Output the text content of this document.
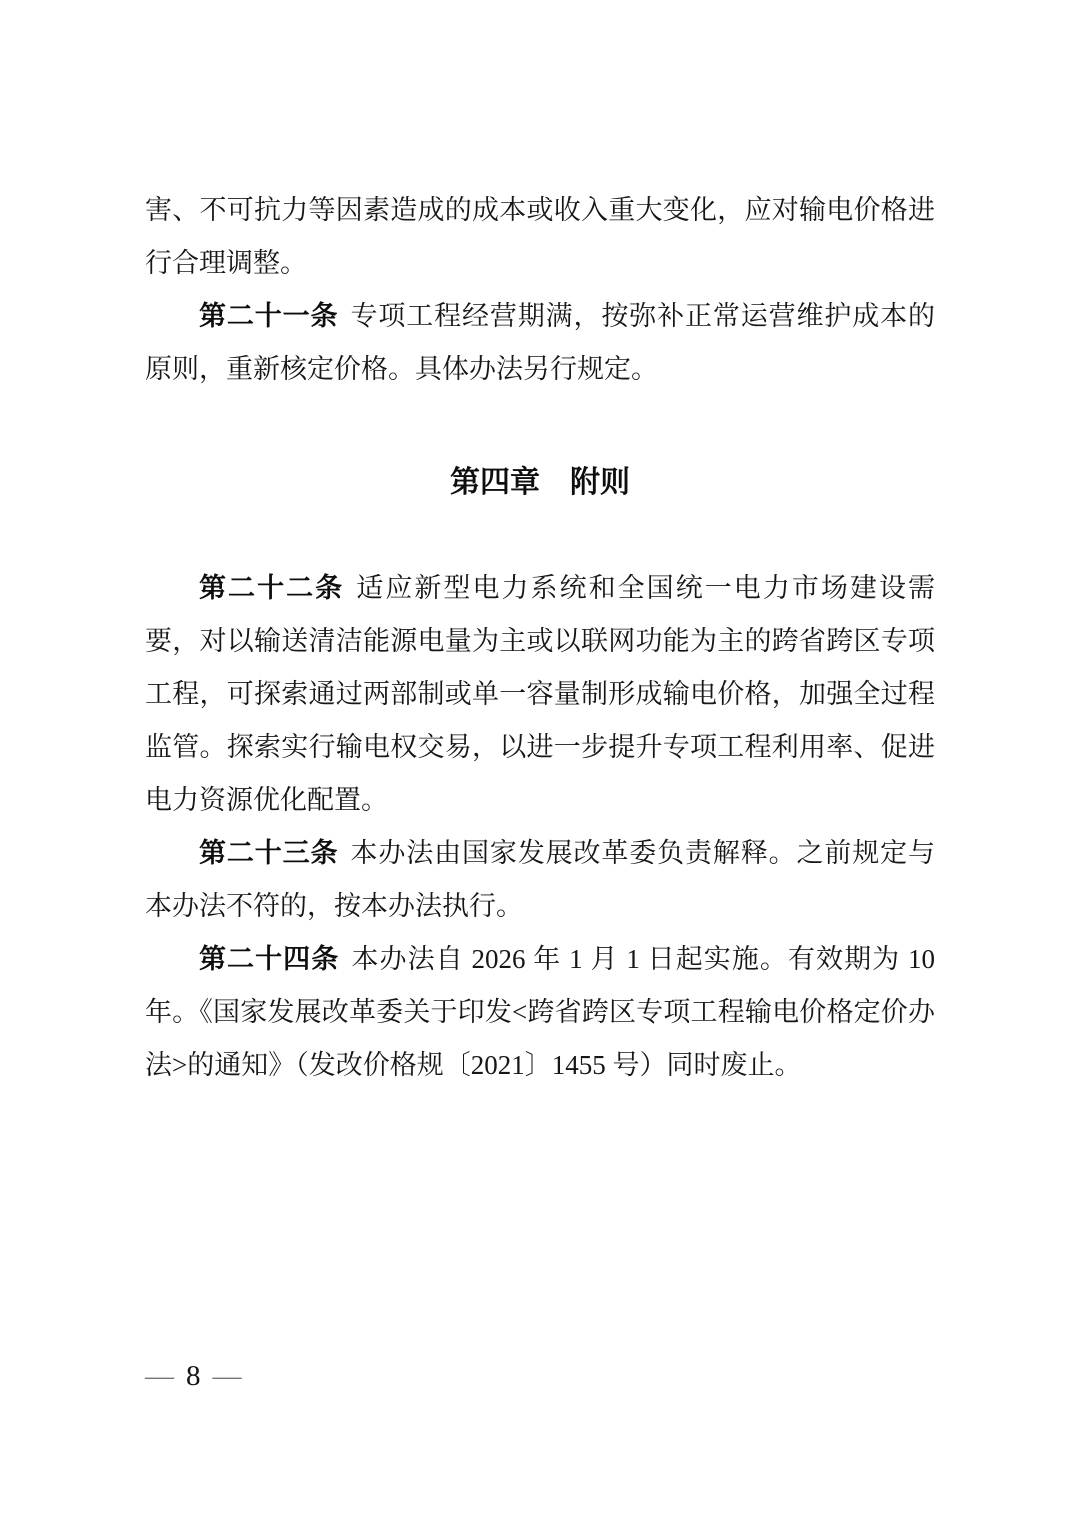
害、不可抗力等因素造成的成本或收入重大变化，应对输电价格进行合理调整。

第二十一条 专项工程经营期满，按弥补正常运营维护成本的原则，重新核定价格。具体办法另行规定。

第四章　附则

第二十二条 适应新型电力系统和全国统一电力市场建设需要，对以输送清洁能源电量为主或以联网功能为主的跨省跨区专项工程，可探索通过两部制或单一容量制形成输电价格，加强全过程监管。探索实行输电权交易，以进一步提升专项工程利用率、促进电力资源优化配置。

第二十三条 本办法由国家发展改革委负责解释。之前规定与本办法不符的，按本办法执行。

第二十四条 本办法自 2026 年 1 月 1 日起实施。有效期为 10 年。《国家发展改革委关于印发<跨省跨区专项工程输电价格定价办法>的通知》（发改价格规〔2021〕1455 号）同时废止。

— 8 —
